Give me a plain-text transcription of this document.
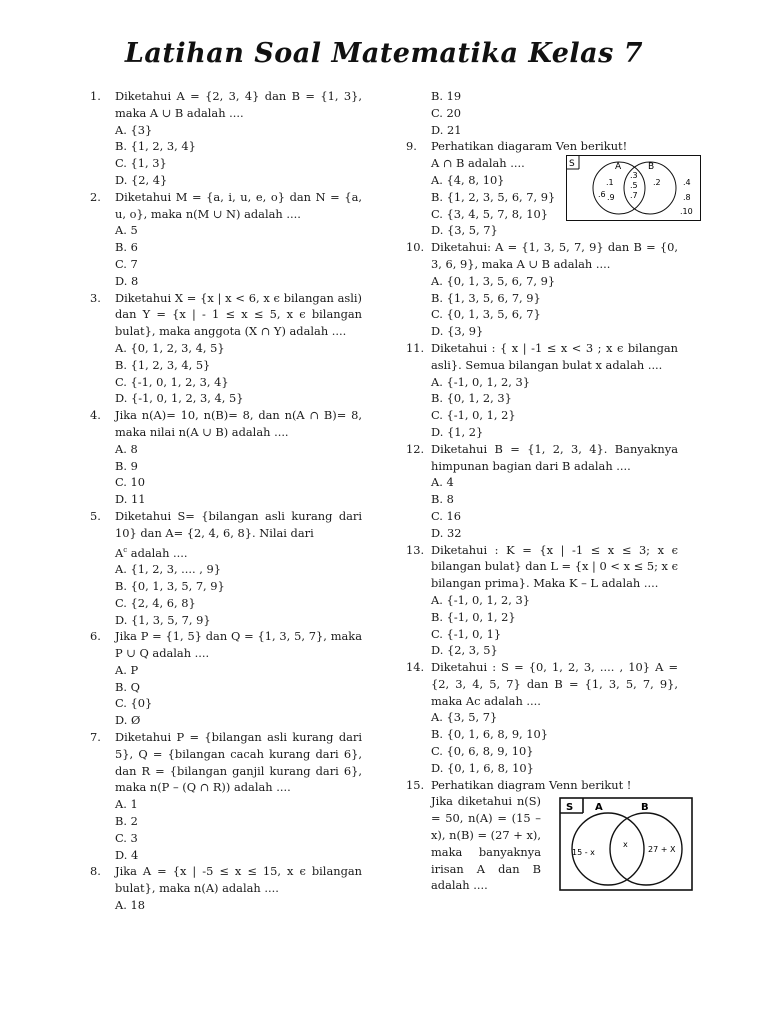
Latihan Soal Matematika Kelas 7
1.	Diketahui A = {2, 3, 4} dan B = {1, 3}, maka A ∪ B adalah ....
A. {3}
B. {1, 2, 3, 4}
C. {1, 3}
D. {2, 4}
2.	Diketahui M = {a, i, u, e, o} dan N = {a, u, o}, maka n(M ∪ N) adalah ....
A. 5
B. 6
C. 7
D. 8
3.	Diketahui X = {x | x < 6, x ϵ bilangan asli) dan Y = {x | - 1 ≤ x ≤ 5, x ϵ bilangan bulat}, maka anggota (X ∩ Y) adalah ....
A. {0, 1, 2, 3, 4, 5}
B. {1, 2, 3, 4, 5}
C. {-1, 0, 1, 2, 3, 4}
D. {-1, 0, 1, 2, 3, 4, 5}
4.	Jika n(A)= 10, n(B)= 8, dan n(A ∩ B)= 8, maka nilai n(A ∪ B) adalah ....
A. 8
B. 9
C. 10
D. 11
5.	Diketahui S= {bilangan asli kurang dari 10} dan A= {2, 4, 6, 8}. Nilai dari
$A^c$ adalah ....
A. {1, 2, 3, .... , 9}
B. {0, 1, 3, 5, 7, 9}
C. {2, 4, 6, 8}
D. {1, 3, 5, 7, 9}
6.	Jika P = {1, 5} dan Q = {1, 3, 5, 7}, maka P ∪ Q adalah ....
A. P
B. Q
C. {0}
D. Ø
7.	Diketahui P = {bilangan asli kurang dari 5}, Q = {bilangan cacah kurang dari 6}, dan R = {bilangan ganjil kurang dari 6}, maka n(P – (Q ∩ R)) adalah ....
A. 1
B. 2
C. 3
D. 4
8.	Jika A = {x | -5 ≤ x ≤ 15, x ϵ bilangan bulat}, maka n(A) adalah ....
A. 18
B. 19
C. 20
D. 21
9.	Perhatikan diagaram Ven berikut!
A ∩ B adalah ....
A. {4, 8, 10}
B. {1, 2, 3, 5, 6, 7, 9}
C. {3, 4, 5, 7, 8, 10}
D. {3, 5, 7}
S	A	B
.1
.6 .9
.3
.5
.7
.2	.4
.8
.10
10. Diketahui: A = {1, 3, 5, 7, 9} dan B = {0, 3, 6, 9}, maka A ∪ B adalah ....
A. {0, 1, 3, 5, 6, 7, 9}
B. {1, 3, 5, 6, 7, 9}
C. {0, 1, 3, 5, 6, 7}
D. {3, 9}
11. Diketahui : { x | -1 ≤ x < 3 ; x ϵ bilangan asli}. Semua bilangan bulat x adalah ....
A. {-1, 0, 1, 2, 3}
B. {0, 1, 2, 3}
C. {-1, 0, 1, 2}
D. {1, 2}
12. Diketahui B = {1, 2, 3, 4}. Banyaknya himpunan bagian dari B adalah ....
A. 4
B. 8
C. 16
D. 32
13. Diketahui : K = {x | -1 ≤ x ≤ 3; x ϵ bilangan bulat} dan L = {x | 0 < x ≤ 5; x ϵ bilangan prima}. Maka K – L adalah ....
A. {-1, 0, 1, 2, 3}
B. {-1, 0, 1, 2}
C. {-1, 0, 1}
D. {2, 3, 5}
14. Diketahui : S = {0, 1, 2, 3, .... , 10} A = {2, 3, 4, 5, 7} dan B = {1, 3, 5, 7, 9}, maka Ac adalah ....
A. {3, 5, 7}
B. {0, 1, 6, 8, 9, 10}
C. {0, 6, 8, 9, 10}
D. {0, 1, 6, 8, 10}
15. Perhatikan diagram Venn berikut !
Jika diketahui n(S) = 50, n(A) = (15 – x), n(B) = (27 + x), maka banyaknya irisan A dan B adalah ....
S A	B
15 - x
x
27 + X
